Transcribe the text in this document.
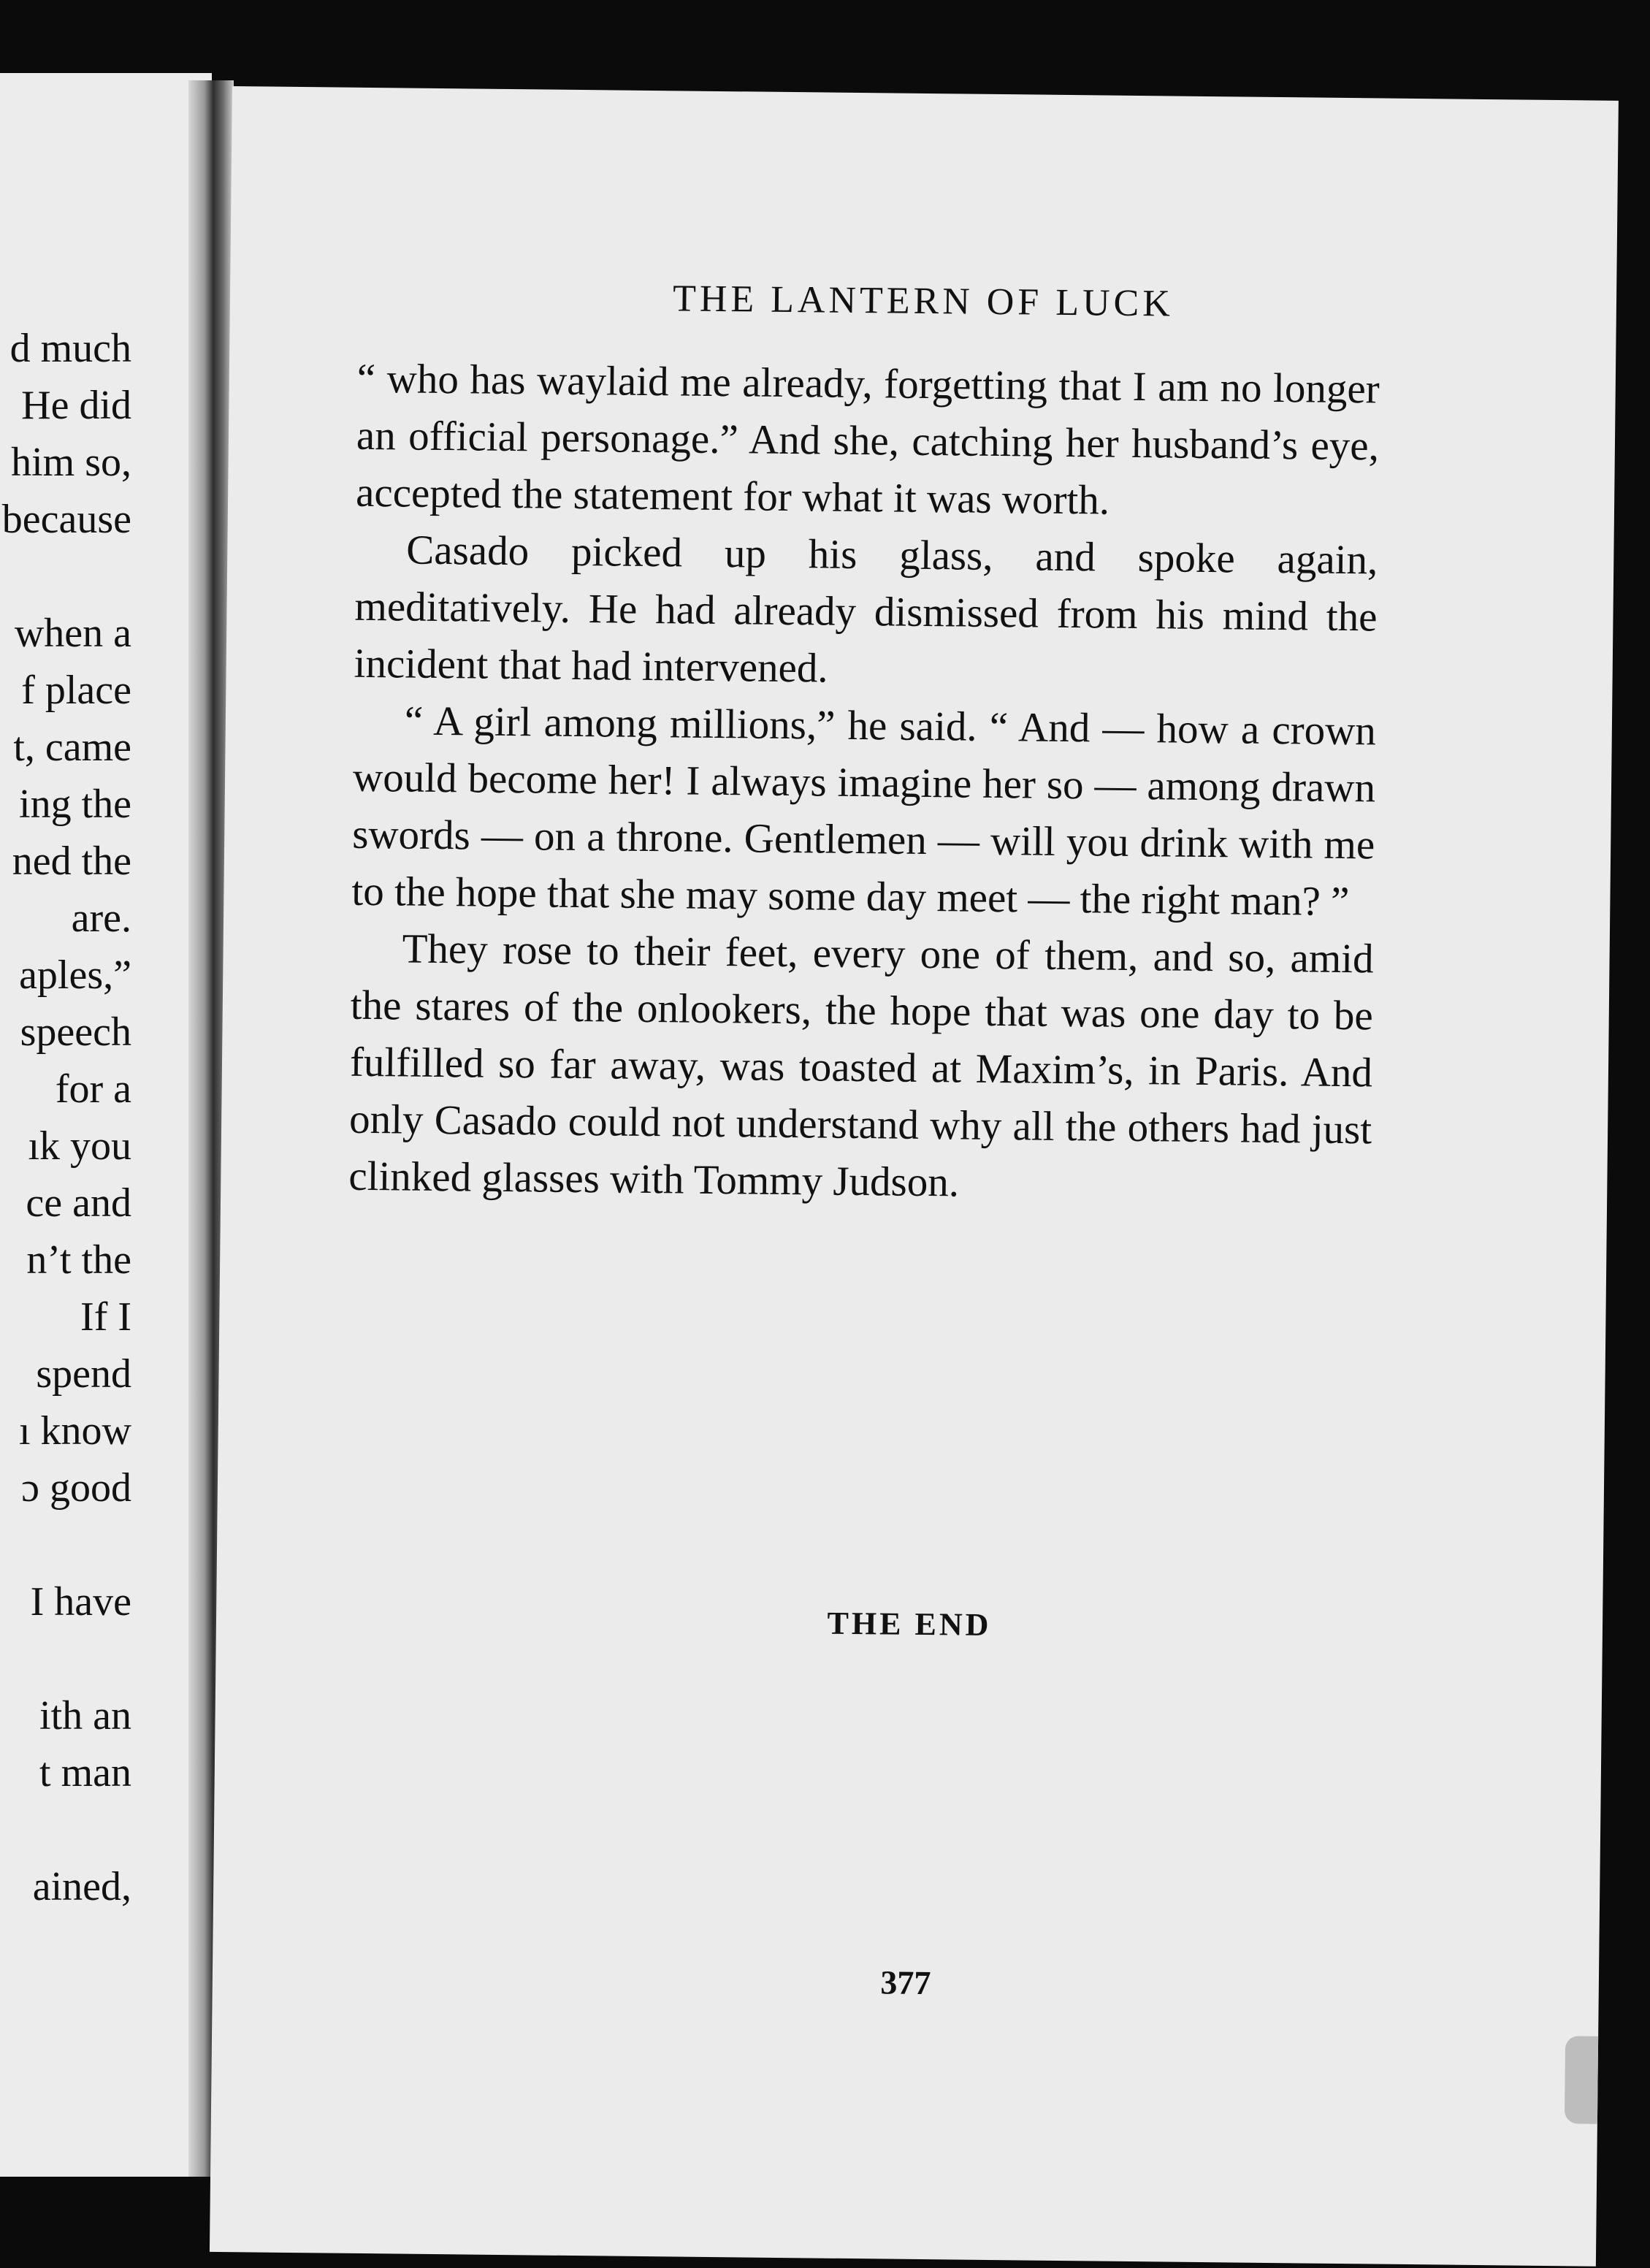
d much
He did
him so,
because
when a
f place
t, came
ing the
ned the
are.
aples,”
speech
for a
ık you
ce and
n’t the
If I
spend
ı know
ɔ good
I have
ith an
t man
ained,
THE LANTERN OF LUCK

“ who has waylaid me already, forgetting that I am no longer an official personage.” And she, catching her husband’s eye, accepted the statement for what it was worth.

Casado picked up his glass, and spoke again, meditatively. He had already dismissed from his mind the incident that had intervened.

“ A girl among millions,” he said. “ And — how a crown would become her! I always imagine her so — among drawn swords — on a throne. Gentlemen — will you drink with me to the hope that she may some day meet — the right man? ”

They rose to their feet, every one of them, and so, amid the stares of the onlookers, the hope that was one day to be fulfilled so far away, was toasted at Maxim’s, in Paris. And only Casado could not understand why all the others had just clinked glasses with Tommy Judson.

THE END
377
